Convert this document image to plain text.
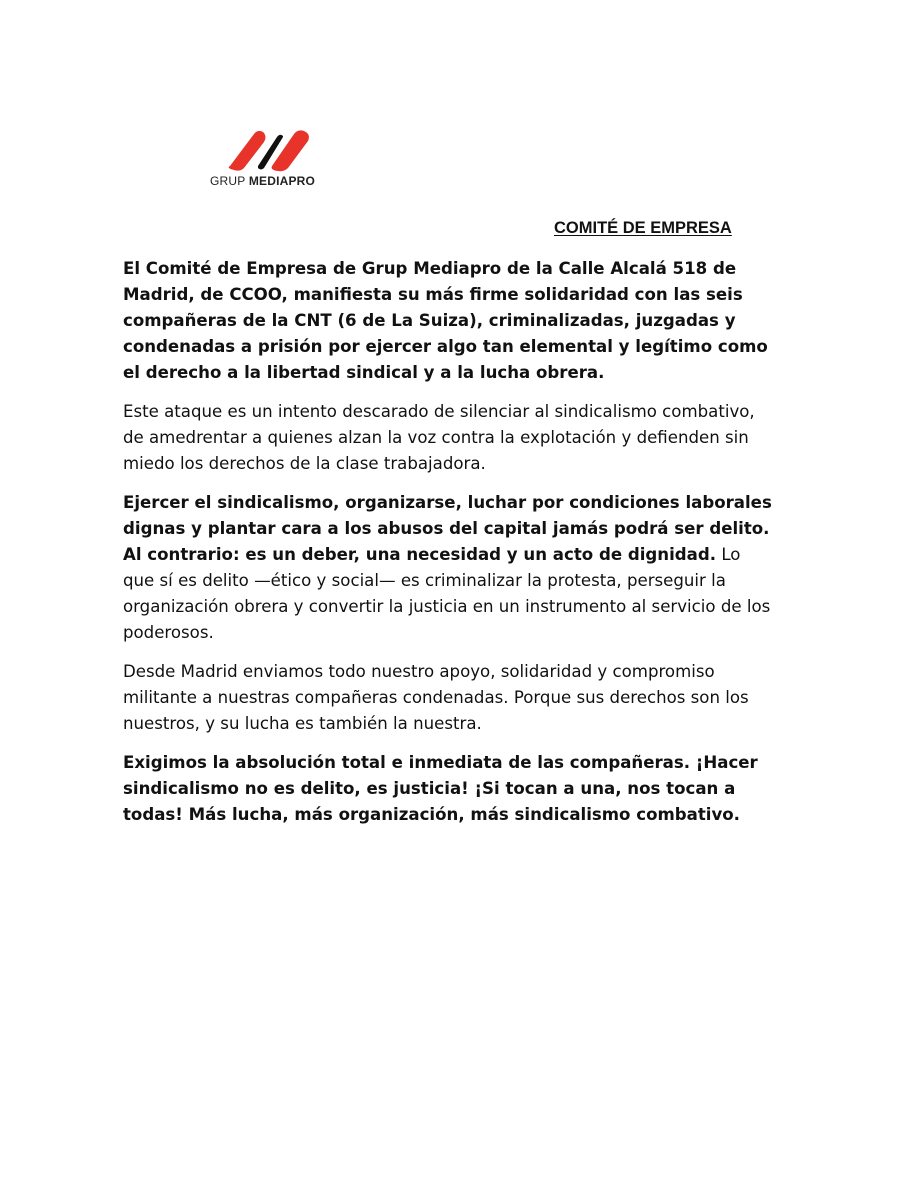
GRUP MEDIAPRO
COMITÉ DE EMPRESA

El Comité de Empresa de Grup Mediapro de la Calle Alcalá 518 de Madrid, de CCOO, manifiesta su más firme solidaridad con las seis compañeras de la CNT (6 de La Suiza), criminalizadas, juzgadas y condenadas a prisión por ejercer algo tan elemental y legítimo como el derecho a la libertad sindical y a la lucha obrera.

Este ataque es un intento descarado de silenciar al sindicalismo combativo, de amedrentar a quienes alzan la voz contra la explotación y defienden sin miedo los derechos de la clase trabajadora.

Ejercer el sindicalismo, organizarse, luchar por condiciones laborales dignas y plantar cara a los abusos del capital jamás podrá ser delito. Al contrario: es un deber, una necesidad y un acto de dignidad. Lo que sí es delito —ético y social— es criminalizar la protesta, perseguir la organización obrera y convertir la justicia en un instrumento al servicio de los poderosos.

Desde Madrid enviamos todo nuestro apoyo, solidaridad y compromiso militante a nuestras compañeras condenadas. Porque sus derechos son los nuestros, y su lucha es también la nuestra.

Exigimos la absolución total e inmediata de las compañeras. ¡Hacer sindicalismo no es delito, es justicia! ¡Si tocan a una, nos tocan a todas! Más lucha, más organización, más sindicalismo combativo.
